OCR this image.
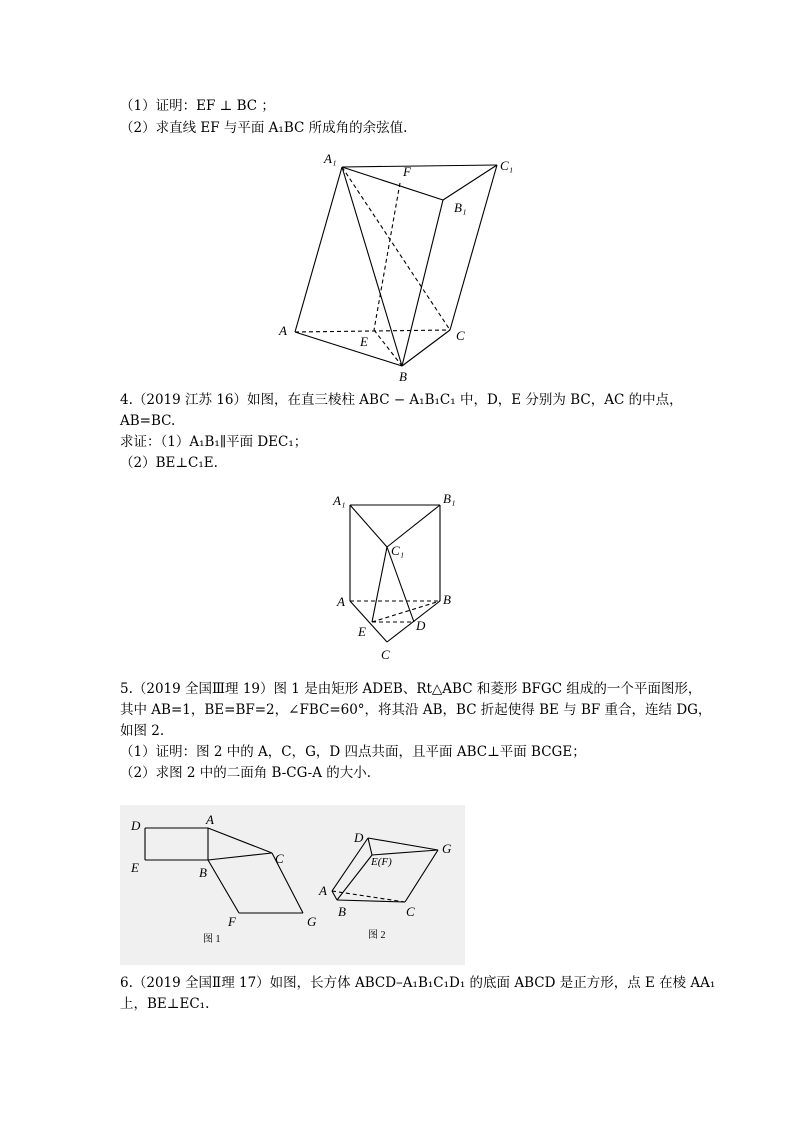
（1）证明：EF ⊥ BC ；
（2）求直线 EF 与平面 A₁BC 所成角的余弦值.
A₁	C₁
B₁
F
A
E
B
C
4.（2019 江苏 16）如图，在直三棱柱 ABC − A₁B₁C₁ 中，D，E 分别为 BC，AC 的中点，
AB=BC.
求证：（1）A₁B₁∥平面 DEC₁；
（2）BE⊥C₁E.
A₁	B₁
C₁
A	B
E	D
C
5.（2019 全国Ⅲ理 19）图 1 是由矩形 ADEB、Rt△ABC 和菱形 BFGC 组成的一个平面图形，
其中 AB=1，BE=BF=2，∠FBC=60°，将其沿 AB，BC 折起使得 BE 与 BF 重合，连结 DG，
如图 2.
（1）证明：图 2 中的 A，C，G，D 四点共面，且平面 ABC⊥平面 BCGE；
（2）求图 2 中的二面角 B-CG-A 的大小.
D	A
E	B
C
F	G
图 1
D
G
E(F)
A
B	C
图 2
6.（2019 全国Ⅱ理 17）如图，长方体 ABCD–A₁B₁C₁D₁ 的底面 ABCD 是正方形，点 E 在棱 AA₁
上，BE⊥EC₁.
